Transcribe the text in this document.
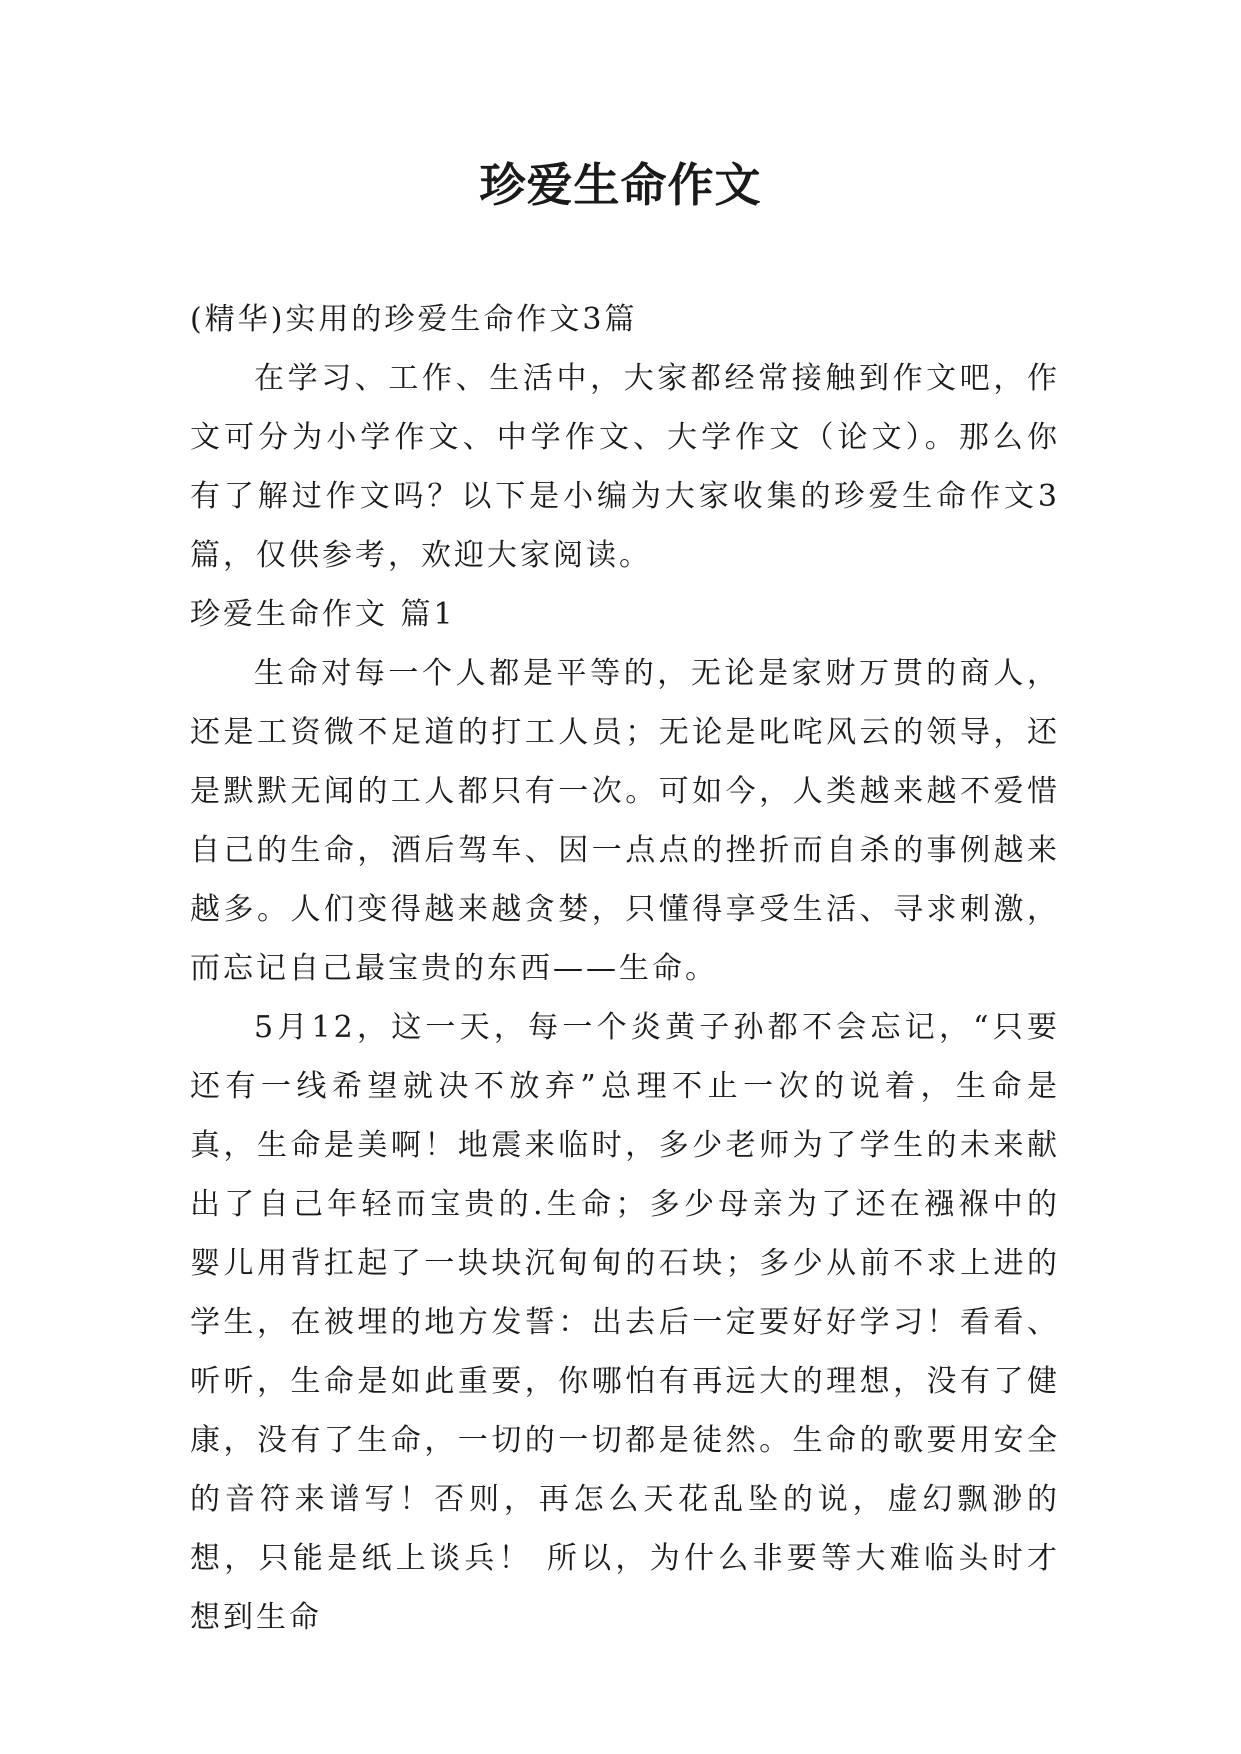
珍爱生命作文

(精华)实用的珍爱生命作文3篇

在学习、工作、生活中，大家都经常接触到作文吧，作文可分为小学作文、中学作文、大学作文（论文）。那么你有了解过作文吗？以下是小编为大家收集的珍爱生命作文3篇，仅供参考，欢迎大家阅读。

珍爱生命作文 篇1

生命对每一个人都是平等的，无论是家财万贯的商人，还是工资微不足道的打工人员；无论是叱咤风云的领导，还是默默无闻的工人都只有一次。可如今，人类越来越不爱惜自己的生命，酒后驾车、因一点点的挫折而自杀的事例越来越多。人们变得越来越贪婪，只懂得享受生活、寻求刺激，而忘记自己最宝贵的东西——生命。

5月12，这一天，每一个炎黄子孙都不会忘记，“只要还有一线希望就决不放弃”总理不止一次的说着，生命是真，生命是美啊！地震来临时，多少老师为了学生的未来献出了自己年轻而宝贵的.生命；多少母亲为了还在襁褓中的婴儿用背扛起了一块块沉甸甸的石块；多少从前不求上进的学生，在被埋的地方发誓：出去后一定要好好学习！看看、听听，生命是如此重要，你哪怕有再远大的理想，没有了健康，没有了生命，一切的一切都是徒然。生命的歌要用安全的音符来谱写！否则，再怎么天花乱坠的说，虚幻飘渺的想，只能是纸上谈兵！ 所以，为什么非要等大难临头时才想到生命
